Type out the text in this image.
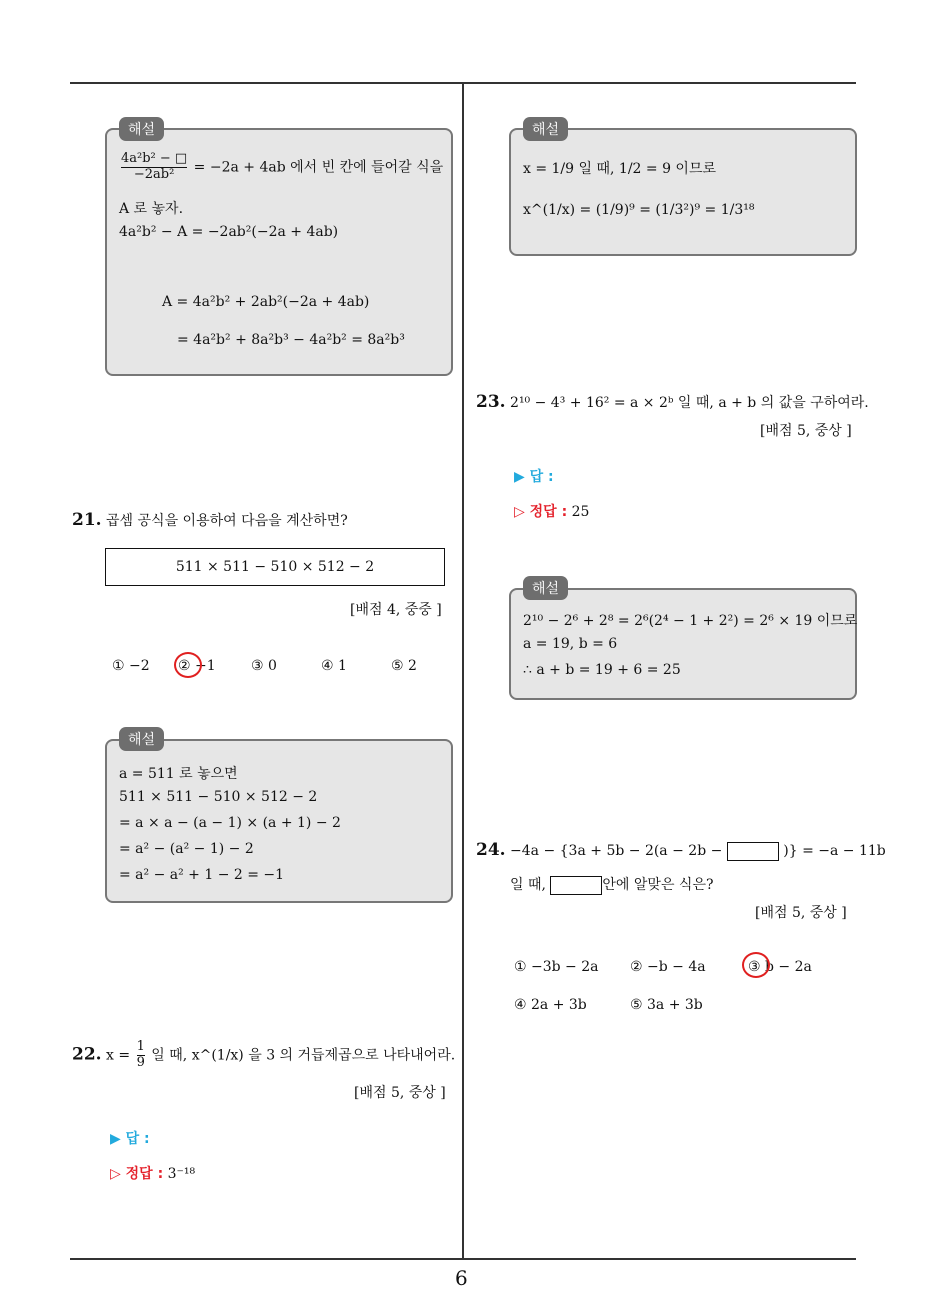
6
$\frac{\text{4a²b² − □}}{\text{−2ab²}} = -2a + 4ab$ 에서 빈 칸에 들어갈 식을
A 로 놓자.
4a²b² − A = −2ab²(−2a + 4ab)
A = 4a²b² + 2ab²(−2a + 4ab)
= 4a²b² + 8a²b³ − 4a²b² = 8a²b³
해설
21. 곱셈 공식을 이용하여 다음을 계산하면?
511 × 511 − 510 × 512 − 2
[배점 4, 중중 ]
① −2 ② −1	③ 0	④ 1	⑤ 2
a = 511 로 놓으면
511 × 511 − 510 × 512 − 2
= a × a − (a − 1) × (a + 1) − 2
= a² − (a² − 1) − 2
= a² − a² + 1 − 2 = −1
해설
22. $x = \frac{1}{9}$ 일 때, x^(1/x) 을 3 의 거듭제곱으로 나타내어라.
[배점 5, 중상 ]
▶ 답 :
▷ 정답 : 3⁻¹⁸
x = 1/9 일 때, 1/2 = 9 이므로
x^(1/x) = (1/9)⁹ = (1/3²)⁹ = 1/3¹⁸
해설
23. 2¹⁰ − 4³ + 16² = a × 2ᵇ 일 때, a + b 의 값을 구하여라.
[배점 5, 중상 ]
▶ 답 :
▷ 정답 : 25
2¹⁰ − 2⁶ + 2⁸ = 2⁶(2⁴ − 1 + 2²) = 2⁶ × 19 이므로
a = 19, b = 6
∴ a + b = 19 + 6 = 25
해설
24. −4a − {3a + 5b − 2(a − 2b −	)} = −a − 11b
일 때,	안에 알맞은 식은?
[배점 5, 중상 ]
① −3b − 2a ② −b − 4a	③ b − 2a
④ 2a + 3b	⑤ 3a + 3b
